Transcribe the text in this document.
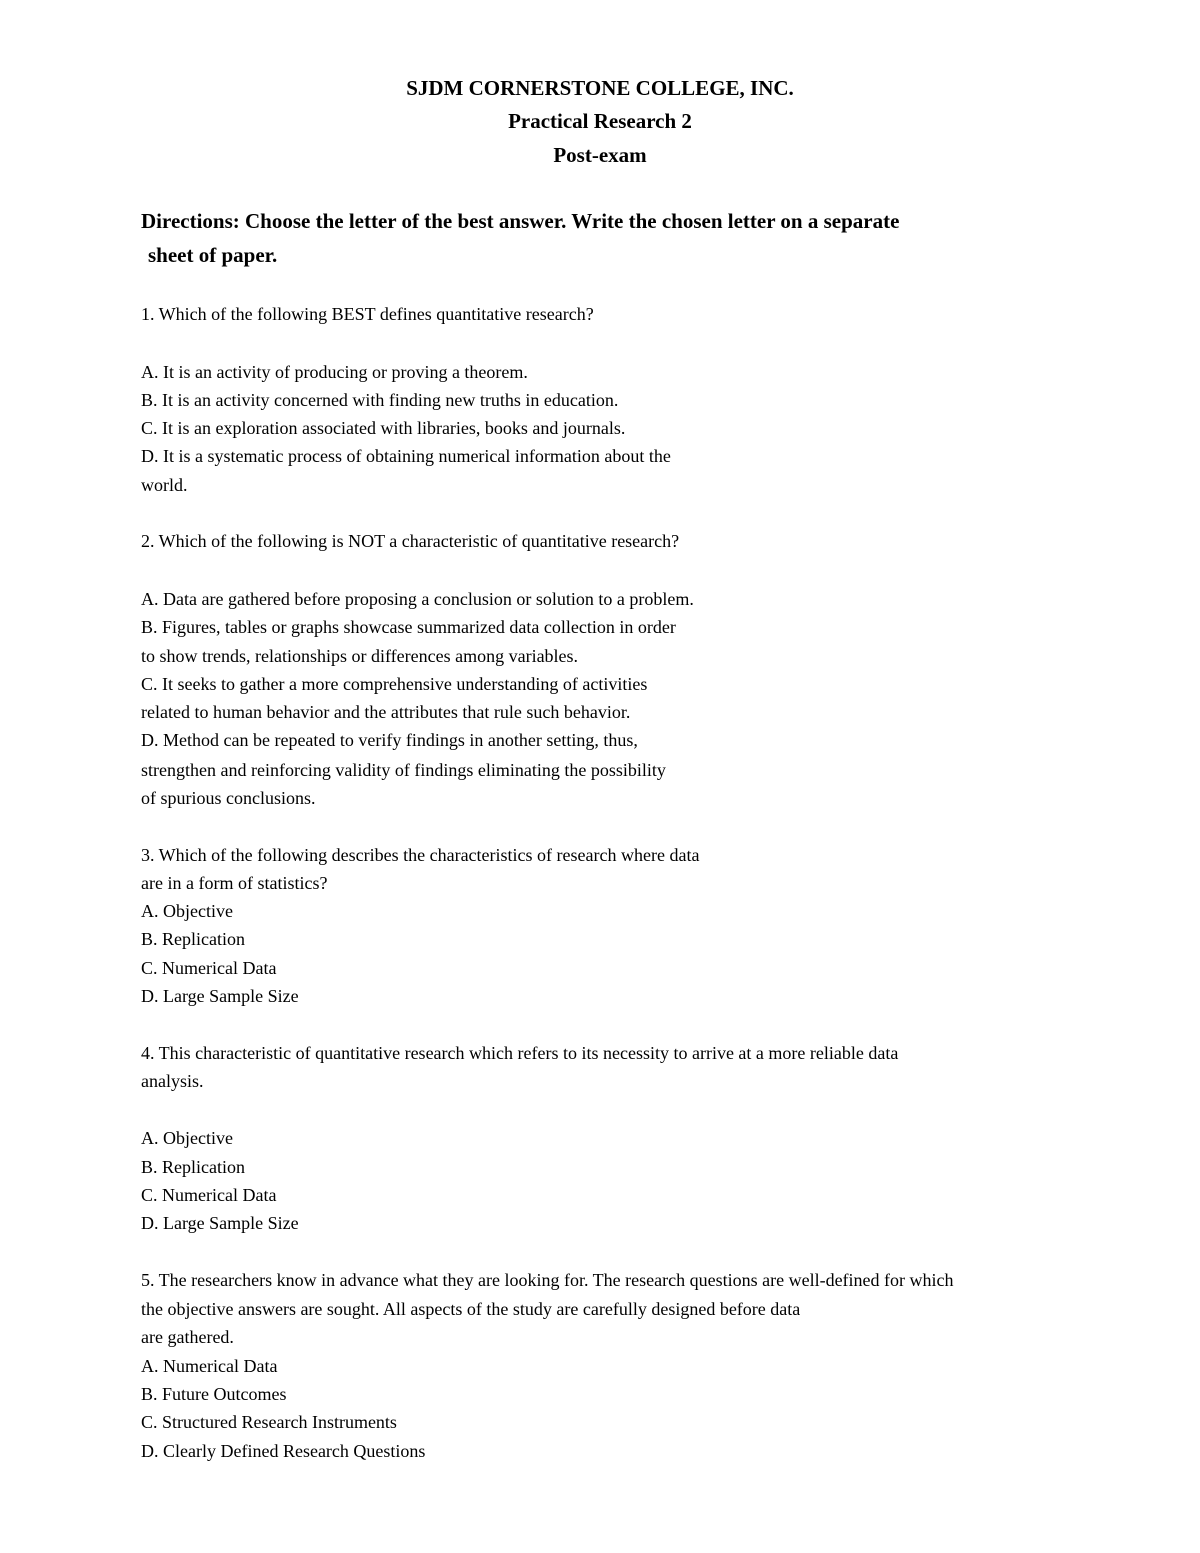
SJDM CORNERSTONE COLLEGE, INC.
Practical Research 2
Post-exam
Directions: Choose the letter of the best answer. Write the chosen letter on a separate
sheet of paper.
1. Which of the following BEST defines quantitative research?
A. It is an activity of producing or proving a theorem.
B. It is an activity concerned with finding new truths in education.
C. It is an exploration associated with libraries, books and journals.
D. It is a systematic process of obtaining numerical information about the
world.
2. Which of the following is NOT a characteristic of quantitative research?
A. Data are gathered before proposing a conclusion or solution to a problem.
B. Figures, tables or graphs showcase summarized data collection in order
to show trends, relationships or differences among variables.
C. It seeks to gather a more comprehensive understanding of activities
related to human behavior and the attributes that rule such behavior.
D. Method can be repeated to verify findings in another setting, thus,
strengthen and reinforcing validity of findings eliminating the possibility
of spurious conclusions.
3. Which of the following describes the characteristics of research where data
are in a form of statistics?
A. Objective
B. Replication
C. Numerical Data
D. Large Sample Size
4. This characteristic of quantitative research which refers to its necessity to arrive at a more reliable data
analysis.
A. Objective
B. Replication
C. Numerical Data
D. Large Sample Size
5. The researchers know in advance what they are looking for. The research questions are well-defined for which
the objective answers are sought. All aspects of the study are carefully designed before data
are gathered.
A. Numerical Data
B. Future Outcomes
C. Structured Research Instruments
D. Clearly Defined Research Questions
